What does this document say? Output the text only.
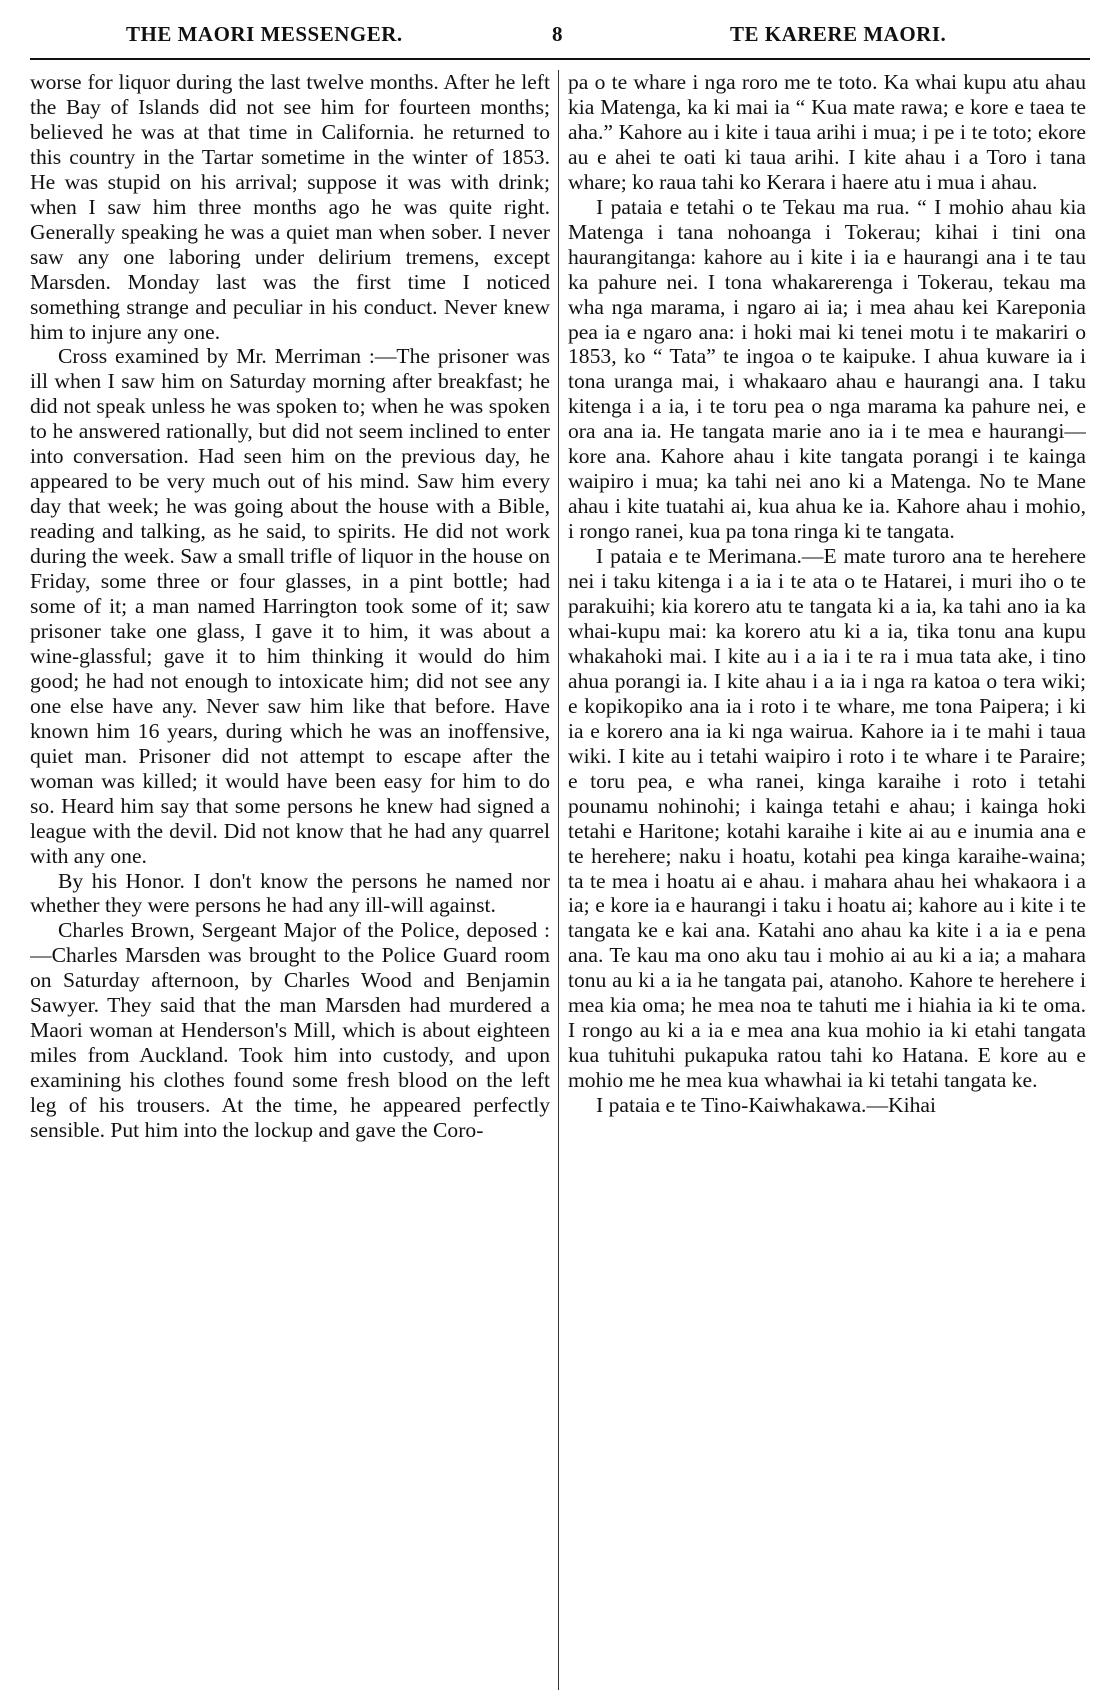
THE MAORI MESSENGER.	8	TE KARERE MAORI.

worse for liquor during the last twelve months. After he left the Bay of Islands did not see him for fourteen months; believed he was at that time in California. he returned to this country in the Tartar sometime in the winter of 1853. He was stupid on his arrival; suppose it was with drink; when I saw him three months ago he was quite right. Generally speaking he was a quiet man when sober. I never saw any one laboring under delirium tremens, except Marsden. Monday last was the first time I noticed something strange and peculiar in his conduct. Never knew him to injure any one.

Cross examined by Mr. Merriman :—The prisoner was ill when I saw him on Saturday morning after breakfast; he did not speak unless he was spoken to; when he was spoken to he answered rationally, but did not seem inclined to enter into conversation. Had seen him on the previous day, he appeared to be very much out of his mind. Saw him every day that week; he was going about the house with a Bible, reading and talking, as he said, to spirits. He did not work during the week. Saw a small trifle of liquor in the house on Friday, some three or four glasses, in a pint bottle; had some of it; a man named Harrington took some of it; saw prisoner take one glass, I gave it to him, it was about a wine-glassful; gave it to him thinking it would do him good; he had not enough to intoxicate him; did not see any one else have any. Never saw him like that before. Have known him 16 years, during which he was an inoffensive, quiet man. Prisoner did not attempt to escape after the woman was killed; it would have been easy for him to do so. Heard him say that some persons he knew had signed a league with the devil. Did not know that he had any quarrel with any one.

By his Honor. I don't know the persons he named nor whether they were persons he had any ill-will against.

Charles Brown, Sergeant Major of the Police, deposed :—Charles Marsden was brought to the Police Guard room on Saturday afternoon, by Charles Wood and Benjamin Sawyer. They said that the man Marsden had murdered a Maori woman at Henderson's Mill, which is about eighteen miles from Auckland. Took him into custody, and upon examining his clothes found some fresh blood on the left leg of his trousers. At the time, he appeared perfectly sensible. Put him into the lockup and gave the Coro-

pa o te whare i nga roro me te toto. Ka whai kupu atu ahau kia Matenga, ka ki mai ia “ Kua mate rawa; e kore e taea te aha.” Kahore au i kite i taua arihi i mua; i pe i te toto; ekore au e ahei te oati ki taua arihi. I kite ahau i a Toro i tana whare; ko raua tahi ko Kerara i haere atu i mua i ahau.

I pataia e tetahi o te Tekau ma rua. “ I mohio ahau kia Matenga i tana nohoanga i Tokerau; kihai i tini ona haurangitanga: kahore au i kite i ia e haurangi ana i te tau ka pahure nei. I tona whakarerenga i Tokerau, tekau ma wha nga marama, i ngaro ai ia; i mea ahau kei Kareponia pea ia e ngaro ana: i hoki mai ki tenei motu i te makariri o 1853, ko “ Tata” te ingoa o te kaipuke. I ahua kuware ia i tona uranga mai, i whakaaro ahau e haurangi ana. I taku kitenga i a ia, i te toru pea o nga marama ka pahure nei, e ora ana ia. He tangata marie ano ia i te mea e haurangi—kore ana. Kahore ahau i kite tangata porangi i te kainga waipiro i mua; ka tahi nei ano ki a Matenga. No te Mane ahau i kite tuatahi ai, kua ahua ke ia. Kahore ahau i mohio, i rongo ranei, kua pa tona ringa ki te tangata.

I pataia e te Merimana.—E mate turoro ana te herehere nei i taku kitenga i a ia i te ata o te Hatarei, i muri iho o te parakuihi; kia korero atu te tangata ki a ia, ka tahi ano ia ka whai-kupu mai: ka korero atu ki a ia, tika tonu ana kupu whakahoki mai. I kite au i a ia i te ra i mua tata ake, i tino ahua porangi ia. I kite ahau i a ia i nga ra katoa o tera wiki; e kopikopiko ana ia i roto i te whare, me tona Paipera; i ki ia e korero ana ia ki nga wairua. Kahore ia i te mahi i taua wiki. I kite au i tetahi waipiro i roto i te whare i te Paraire; e toru pea, e wha ranei, kinga karaihe i roto i tetahi pounamu nohinohi; i kainga tetahi e ahau; i kainga hoki tetahi e Haritone; kotahi karaihe i kite ai au e inumia ana e te herehere; naku i hoatu, kotahi pea kinga karaihe-waina; ta te mea i hoatu ai e ahau. i mahara ahau hei whakaora i a ia; e kore ia e haurangi i taku i hoatu ai; kahore au i kite i te tangata ke e kai ana. Katahi ano ahau ka kite i a ia e pena ana. Te kau ma ono aku tau i mohio ai au ki a ia; a mahara tonu au ki a ia he tangata pai, atanoho. Kahore te herehere i mea kia oma; he mea noa te tahuti me i hiahia ia ki te oma. I rongo au ki a ia e mea ana kua mohio ia ki etahi tangata kua tuhituhi pukapuka ratou tahi ko Hatana. E kore au e mohio me he mea kua whawhai ia ki tetahi tangata ke.

I pataia e te Tino-Kaiwhakawa.—Kihai
